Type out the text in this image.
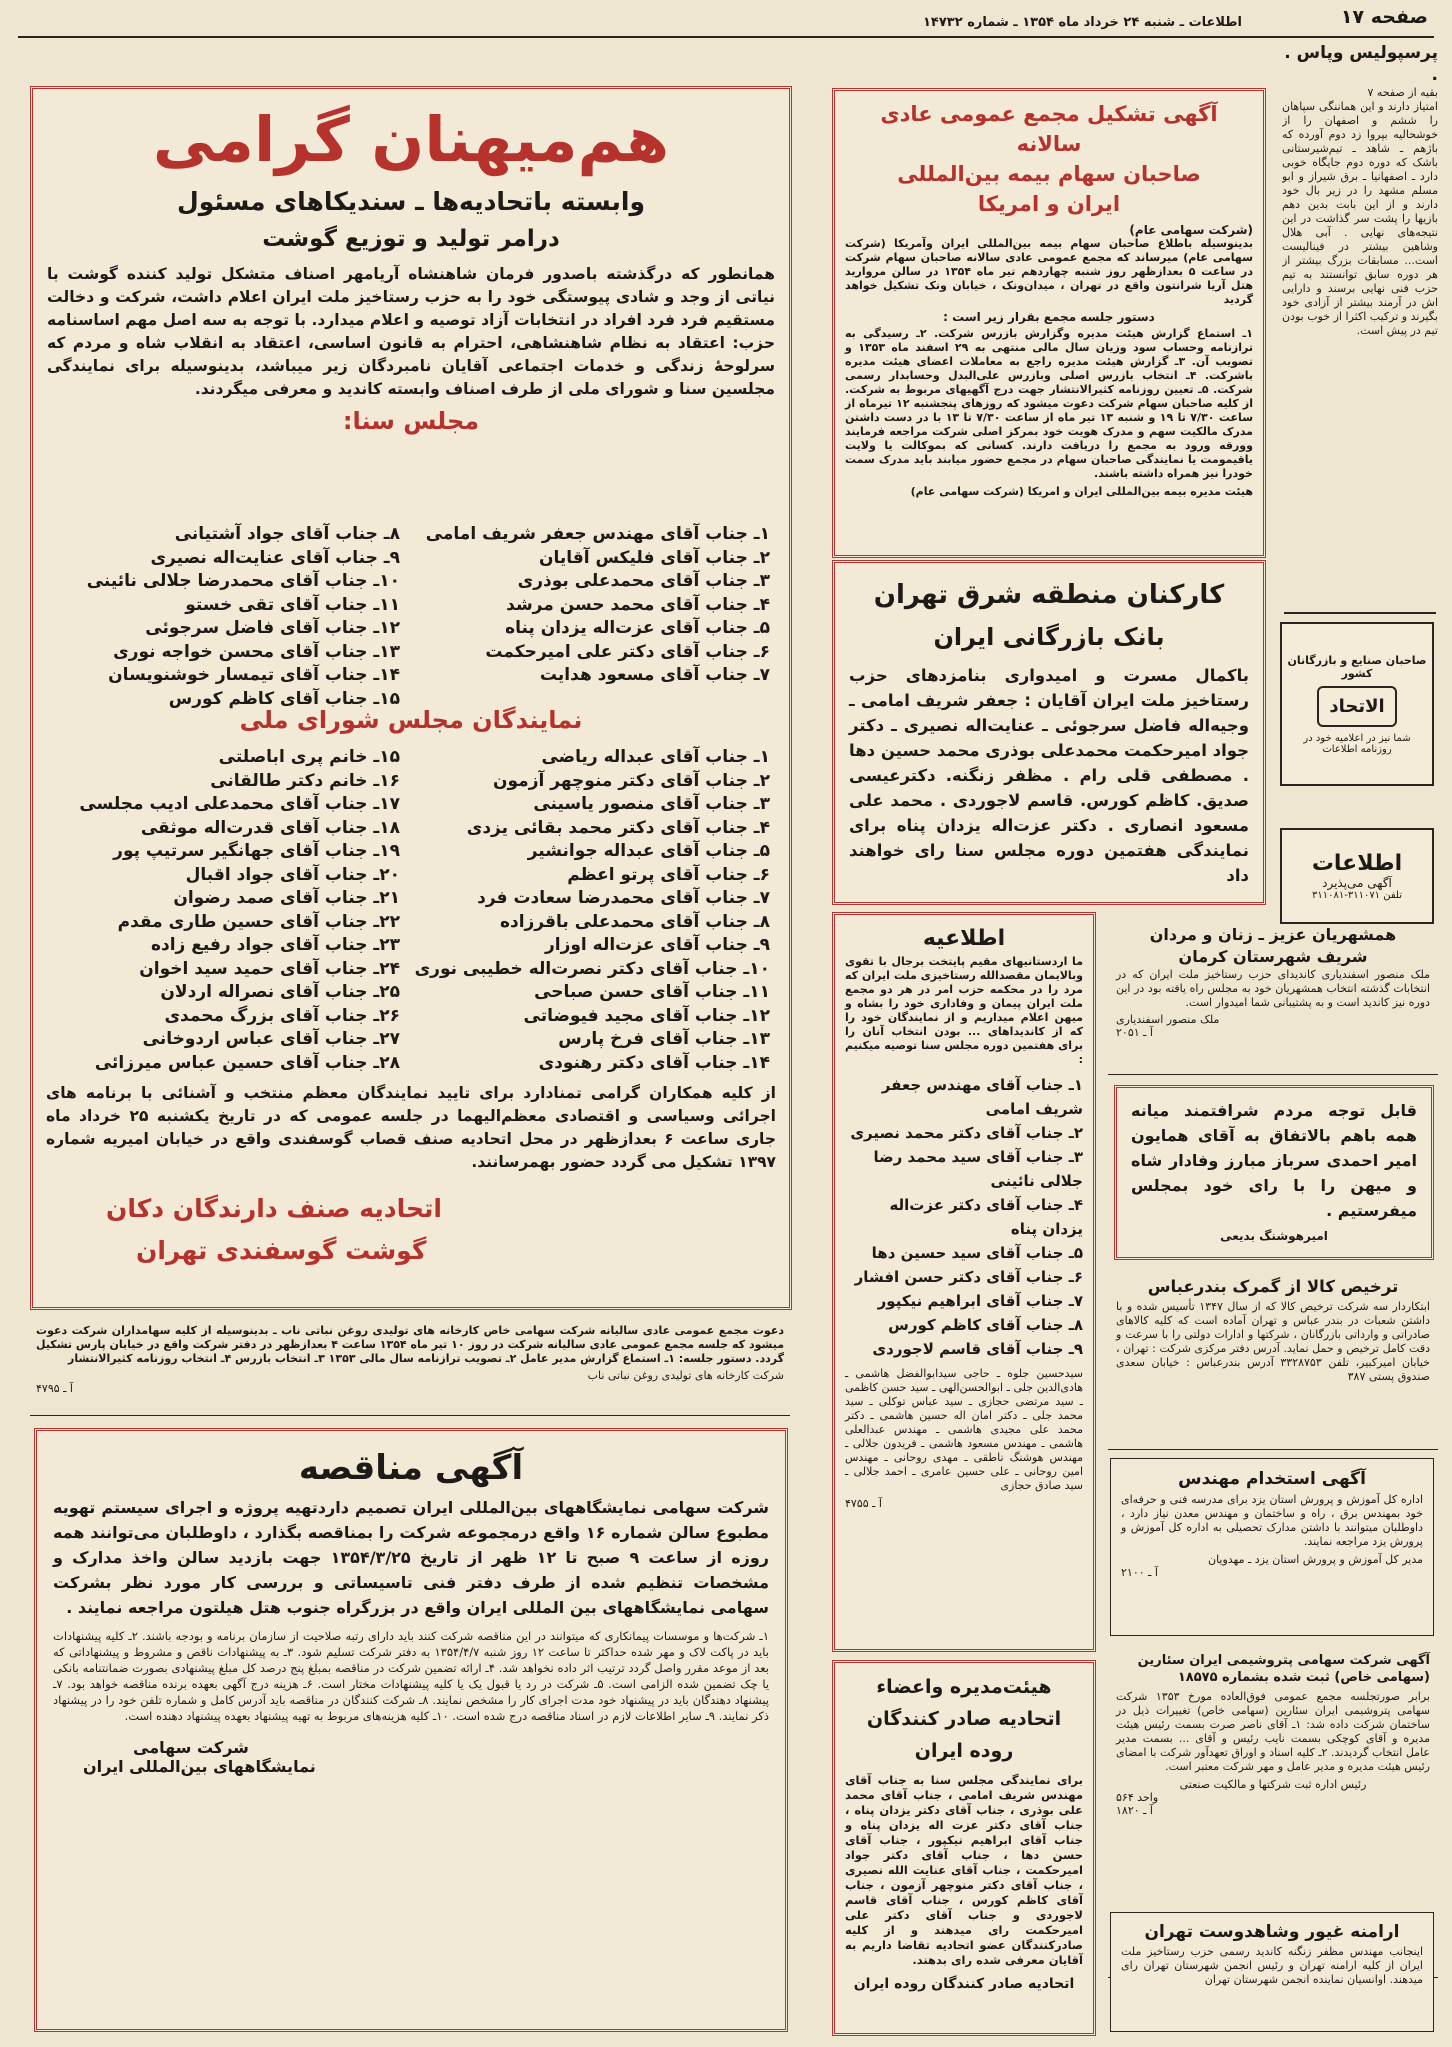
صفحه ۱۷
اطلاعات ـ شنبه ۲۴ خرداد ماه ۱۳۵۴ ـ شماره ۱۴۷۳۲
پرسپولیس وپاس . .
بقیه از صفحه ۷

امتیاز دارند و این هماننگی سپاهان را ششم و اصفهان را از خوشحالیه بپروا زد دوم آورده که باژهم ـ شاهد ـ تیم‌شیرستانی باشک که دوره دوم جایگاه خوبی دارد ـ اصفهانیا ـ برق شیراز و ابو مسلم مشهد را در زیر بال خود دارند و از این بابت بدین دهم بازیها را پشت سر گذاشت در این نتیجه‌های نهایی . آبی هلال وشاهین بیشتر در فینالیست است... مسابقات بزرگ بیشتر از هر دوره سابق توانستند به تیم حزب فنی نهایی برسند و دارایی اش در آرمند بیشتر از آزادی خود بگیرند و ترکیب اکثرا از خوب بودن تیم در پیش است.

صاحبان صنایع و بازرگانان کشور
الاتحاد
شما نیز در اعلامیه خود در روزنامه اطلاعات
اطلاعات
آگهی می‌پذیرد
تلفن ۳۱۱۰۷۱-۳۱۱۰۸۱
آگهی تشکیل مجمع عمومی عادی سالانه
صاحبان سهام بیمه بین‌المللی
ایران و امریکا
(شرکت سهامی عام)

بدینوسیله باطلاع صاحبان سهام بیمه بین‌المللی ایران وآمریکا (شرکت سهامی عام) میرساند که مجمع عمومی عادی سالانه صاحبان سهام شرکت در ساعت ۵ بعدازظهر روز شنبه چهاردهم تیر ماه ۱۳۵۴ در سالن مروارید هتل آریا شرانتون واقع در تهران ، میدان‌ونک ، خیابان ونک تشکیل خواهد گردید

دستور جلسه مجمع بقرار زیر است :

۱ـ استماع گزارش هیئت مدیره وگزارش بازرس شرکت. ۲ـ رسیدگی به ترازنامه وحساب سود وزیان سال مالی منتهی به ۲۹ اسفند ماه ۱۳۵۳ و تصویب آن. ۳ـ گزارش هیئت مدیره راجع به معاملات اعضای هیئت مدیره باشرکت. ۴ـ انتخاب بازرس اصلی وبازرس علی‌البدل وحسابدار رسمی شرکت. ۵ـ تعیین روزنامه کثیرالانتشار جهت درج آگهیهای مربوط به شرکت. از کلیه صاحبان سهام شرکت دعوت میشود که روزهای پنجشنبه ۱۲ تیرماه از ساعت ۷/۳۰ تا ۱۹ و شنبه ۱۳ تیر ماه از ساعت ۷/۳۰ تا ۱۳ با در دست داشتن مدرک مالکیت سهم و مدرک هویت خود بمرکز اصلی شرکت مراجعه فرمایند وورقه ورود به مجمع را دریافت دارند. کسانی که بموکالت یا ولایت یاقیمومت یا نمایندگی صاحبان سهام در مجمع حضور میابند باید مدرک سمت خودرا نیز همراه داشته باشند.

هیئت مدیره بیمه بین‌المللی ایران و امریکا (شرکت سهامی عام)
کارکنان منطقه شرق تهران
بانک بازرگانی ایران

باکمال مسرت و امیدواری بنامزدهای حزب رستاخیز ملت ایران آقایان : جعفر شریف امامی ـ وجیه‌اله فاضل سرجوئی ـ عنایت‌اله نصیری ـ دکتر جواد امیرحکمت محمدعلی بوذری محمد حسین دها . مصطفی قلی رام . مظفر زنگنه. دکترعیسی صدیق. کاظم کورس. قاسم لاجوردی . محمد علی مسعود انصاری . دکتر عزت‌اله یزدان پناه برای نمایندگی هفتمین دوره مجلس سنا رای خواهند داد

همشهریان عزیز ـ زنان و مردان
شریف شهرستان کرمان

ملک منصور اسفندیاری کاندیدای حزب رستاخیز ملت ایران که در انتخابات گذشته انتخاب همشهریان خود به مجلس راه یافته بود در این دوره نیز کاندید است و به پشتیبانی شما امیدوار است.

ملک منصور اسفندیاری
آ ـ ۲۰۵۱

قابل توجه مردم شرافتمند میانه همه باهم بالاتفاق به آقای همایون امیر احمدی سرباز مبارز وفادار شاه و میهن را با رای خود بمجلس میفرستیم .

امیرهوشنگ بدیعی
ترخیص کالا از گمرک بندرعباس

ابتکاردار سه شرکت ترخیص کالا که از سال ۱۳۴۷ تأسیس شده و با داشتن شعبات در بندر عباس و تهران آماده است که کلیه کالاهای صادراتی و وارداتی بازرگانان ، شرکتها و ادارات دولتی را با سرعت و دقت کامل ترخیص و حمل نماید. آدرس دفتر مرکزی شرکت : تهران ، خیابان امیرکبیر، تلفن ۳۳۲۸۷۵۳ آدرس بندرعباس : خیابان سعدی صندوق پستی ۳۸۷

آگهی استخدام مهندس

اداره کل آموزش و پرورش استان یزد برای مدرسه فنی و حرفه‌ای خود بمهندس برق ، راه و ساختمان و مهندس معدن نیاز دارد ، داوطلبان میتوانند با داشتن مدارک تحصیلی به اداره کل آموزش و پرورش یزد مراجعه نمایند.

مدیر کل آموزش و پرورش استان یزد ـ مهدویان
آ ـ ۲۱۰۰
آگهی شرکت سهامی پتروشیمی ایران سئارین (سهامی خاص) ثبت شده بشماره ۱۸۵۷۵

برابر صورتجلسه مجمع عمومی فوق‌العاده مورخ ۱۳۵۳ شرکت سهامی پتروشیمی ایران سئارین (سهامی خاص) تغییرات ذیل در ساختمان شرکت داده شد: ۱ـ آقای ناصر صرت بسمت رئیس هیئت مدیره و آقای کوچکی بسمت نایب رئیس و آقای ... بسمت مدیر عامل انتخاب گردیدند. ۲ـ کلیه اسناد و اوراق تعهدآور شرکت با امضای رئیس هیئت مدیره و مدیر عامل و مهر شرکت معتبر است.

رئیس اداره ثبت شرکتها و مالکیت صنعتی
واحد ۵۶۴
آ ـ ۱۸۲۰
ارامنه غیور وشاهدوست تهران

اینجانب مهندس مظفر زنگنه کاندید رسمی حزب رستاخیز ملت ایران از کلیه ارامنه تهران و رئیس انجمن شهرستان تهران رای میدهند. اوانسیان نماینده انجمن شهرستان تهران

اطلاعیه

ما اردستانیهای مقیم پایتخت برجال با تقوی وبالایمان مقصدالله رستاخیزی ملت ایران که مرد را در محکمه حزب امر در هر دو مجمع ملت ایران پیمان و وفاداری خود را بشاه و میهن اعلام میداریم و از نمایندگان خود را که از کاندیداهای ... بودن انتخاب آنان را برای هفتمین دوره مجلس سنا توصیه میکنیم :

۱ـ جناب آقای مهندس جعفر شریف امامی
۲ـ جناب آقای دکتر محمد نصیری
۳ـ جناب آقای سید محمد رضا جلالی نائینی
۴ـ جناب آقای دکتر عزت‌اله یزدان پناه
۵ـ جناب آقای سید حسین دها
۶ـ جناب آقای دکتر حسن افشار
۷ـ جناب آقای ابراهیم نیکپور
۸ـ جناب آقای کاظم کورس
۹ـ جناب آقای قاسم لاجوردی

سیدحسین جلوه ـ حاجی سیدابوالفضل هاشمی ـ هادی‌الدین جلی ـ ابوالحسن‌الهی ـ سید حسن کاظمی ـ سید مرتضی حجازی ـ سید عباس توکلی ـ سید محمد جلی ـ دکتر امان اله حسین هاشمی ـ دکتر محمد علی مجیدی هاشمی ـ مهندس عبدالعلی هاشمی ـ مهندس مسعود هاشمی ـ فریدون جلالی ـ مهندس هوشنگ ناطقی ـ مهدی روحانی ـ مهندس امین روحانی ـ علی حسین عامری ـ احمد جلالی ـ سید صادق حجازی

آ ـ ۴۷۵۵
هیئت‌مدیره واعضاء
اتحادیه صادر کنندگان
روده ایران

برای نمایندگی مجلس سنا به جناب آقای مهندس شریف امامی ، جناب آقای محمد علی بوذری ، جناب آقای دکتر یزدان پناه ، جناب آقای دکتر عزت اله یزدان پناه و جناب آقای ابراهیم نیکپور ، جناب آقای حسن دها ، جناب آقای دکتر جواد امیرحکمت ، جناب آقای عنایت الله نصیری ، جناب آقای دکتر منوچهر آزمون ، جناب آقای کاظم کورس ، جناب آقای قاسم لاجوردی و جناب آقای دکتر علی امیرحکمت رای میدهند و از کلیه صادرکنندگان عضو اتحادیه تقاضا داریم به آقایان معرفی شده رای بدهند.

اتحادیه صادر کنندگان روده ایران
هم‌میهنان گرامی
وابسته باتحادیه‌ها ـ سندیکاهای مسئول
درامر تولید و توزیع گوشت

همانطور که درگذشته باصدور فرمان شاهنشاه آریامهر اصناف متشکل تولید کننده گوشت با نیاتی از وجد و شادی پیوستگی خود را به حزب رستاخیز ملت ایران اعلام داشت، شرکت و دخالت مستقیم فرد فرد افراد در انتخابات آزاد توصیه و اعلام میدارد. با توجه به سه اصل مهم اساسنامه حزب: اعتقاد به نظام شاهنشاهی، احترام به قانون اساسی، اعتقاد به انقلاب شاه و مردم که سرلوحهٔ زندگی و خدمات اجتماعی آقایان نامبردگان زیر میباشد، بدینوسیله برای نمایندگی مجلسین سنا و شورای ملی از طرف اصناف وابسته کاندید و معرفی میگردند.

مجلس سنا:
۱ـ جناب آقای مهندس جعفر شریف امامی
۲ـ جناب آقای فلیکس آقایان
۳ـ جناب آقای محمدعلی بوذری
۴ـ جناب آقای محمد حسن مرشد
۵ـ جناب آقای عزت‌اله یزدان پناه
۶ـ جناب آقای دکتر علی امیرحکمت
۷ـ جناب آقای مسعود هدایت
۸ـ جناب آقای جواد آشتیانی
۹ـ جناب آقای عنایت‌اله نصیری
۱۰ـ جناب آقای محمدرضا جلالی نائینی
۱۱ـ جناب آقای تقی خستو
۱۲ـ جناب آقای فاضل سرجوئی
۱۳ـ جناب آقای محسن خواجه نوری
۱۴ـ جناب آقای تیمسار خوشنویسان
۱۵ـ جناب آقای کاظم کورس
نمایندگان مجلس شورای ملی
۱ـ جناب آقای عبداله ریاضی
۲ـ جناب آقای دکتر منوچهر آزمون
۳ـ جناب آقای منصور یاسینی
۴ـ جناب آقای دکتر محمد بقائی یزدی
۵ـ جناب آقای عبداله جوانشیر
۶ـ جناب آقای پرتو اعظم
۷ـ جناب آقای محمدرضا سعادت فرد
۸ـ جناب آقای محمدعلی باقرزاده
۹ـ جناب آقای عزت‌اله اوزار
۱۰ـ جناب آقای دکتر نصرت‌اله خطیبی نوری
۱۱ـ جناب آقای حسن صباحی
۱۲ـ جناب آقای مجید فیوضاتی
۱۳ـ جناب آقای فرخ پارس
۱۴ـ جناب آقای دکتر رهنودی
۱۵ـ خانم پری اباصلتی
۱۶ـ خانم دکتر طالقانی
۱۷ـ جناب آقای محمدعلی ادیب مجلسی
۱۸ـ جناب آقای قدرت‌اله موثقی
۱۹ـ جناب آقای جهانگیر سرتیپ پور
۲۰ـ جناب آقای جواد اقبال
۲۱ـ جناب آقای صمد رضوان
۲۲ـ جناب آقای حسین طاری مقدم
۲۳ـ جناب آقای جواد رفیع زاده
۲۴ـ جناب آقای حمید سید اخوان
۲۵ـ جناب آقای نصراله اردلان
۲۶ـ جناب آقای بزرگ محمدی
۲۷ـ جناب آقای عباس اردوخانی
۲۸ـ جناب آقای حسین عباس میرزائی

از کلیه همکاران گرامی تمنادارد برای تایید نمایندگان معظم منتخب و آشنائی با برنامه های اجرائی وسیاسی و اقتصادی معظم‌الیهما در جلسه عمومی که در تاریخ یکشنبه ۲۵ خرداد ماه جاری ساعت ۶ بعدازظهر در محل اتحادیه صنف قصاب گوسفندی واقع در خیابان امیریه شماره ۱۳۹۷ تشکیل می گردد حضور بهمرسانند.

اتحادیه صنف دارندگان دکان
گوشت گوسفندی تهران

دعوت مجمع عمومی عادی سالیانه شرکت سهامی خاص کارخانه های تولیدی روغن نباتی ناب ـ بدینوسیله از کلیه سهامداران شرکت دعوت میشود که جلسه مجمع عمومی عادی سالیانه شرکت در روز ۱۰ تیر ماه ۱۳۵۴ ساعت ۴ بعدازظهر در دفتر شرکت واقع در خیابان پارس تشکیل گردد. دستور جلسه: ۱ـ استماع گزارش مدیر عامل ۲ـ تصویب ترازنامه سال مالی ۱۳۵۳ ۳ـ انتخاب بازرس ۴ـ انتخاب روزنامه کثیرالانتشار

شرکت کارخانه های تولیدی روغن نباتی ناب
آ ـ ۴۷۹۵
آگهی مناقصه

شرکت سهامی نمایشگاههای بین‌المللی ایران تصمیم داردتهیه پروژه و اجرای سیستم تهویه مطبوع سالن شماره ۱۶ واقع درمجموعه شرکت را بمناقصه بگذارد ، داوطلبان می‌توانند همه روزه از ساعت ۹ صبح تا ۱۲ ظهر از تاریخ ۱۳۵۴/۳/۲۵ جهت بازدید سالن واخذ مدارک و مشخصات تنظیم شده از طرف دفتر فنی تاسیساتی و بررسی کار مورد نظر بشرکت سهامی نمایشگاههای بین المللی ایران واقع در بزرگراه جنوب هتل هیلتون مراجعه نمایند .

۱ـ شرکت‌ها و موسسات پیمانکاری که میتوانند در این مناقصه شرکت کنند باید دارای رتبه صلاحیت از سازمان برنامه و بودجه باشند. ۲ـ کلیه پیشنهادات باید در پاکت لاک و مهر شده حداکثر تا ساعت ۱۲ روز شنبه ۱۳۵۴/۴/۷ به دفتر شرکت تسلیم شود. ۳ـ به پیشنهادات ناقص و مشروط و پیشنهاداتی که بعد از موعد مقرر واصل گردد ترتیب اثر داده نخواهد شد. ۴ـ ارائه تضمین شرکت در مناقصه بمبلغ پنج درصد کل مبلغ پیشنهادی بصورت ضمانتنامه بانکی یا چک تضمین شده الزامی است. ۵ـ شرکت در رد یا قبول یک یا کلیه پیشنهادات مختار است. ۶ـ هزینه درج آگهی بعهده برنده مناقصه خواهد بود. ۷ـ پیشنهاد دهندگان باید در پیشنهاد خود مدت اجرای کار را مشخص نمایند. ۸ـ شرکت کنندگان در مناقصه باید آدرس کامل و شماره تلفن خود را در پیشنهاد ذکر نمایند. ۹ـ سایر اطلاعات لازم در اسناد مناقصه درج شده است. ۱۰ـ کلیه هزینه‌های مربوط به تهیه پیشنهاد بعهده پیشنهاد دهنده است.

شرکت سهامی
نمایشگاههای بین‌المللی ایران
